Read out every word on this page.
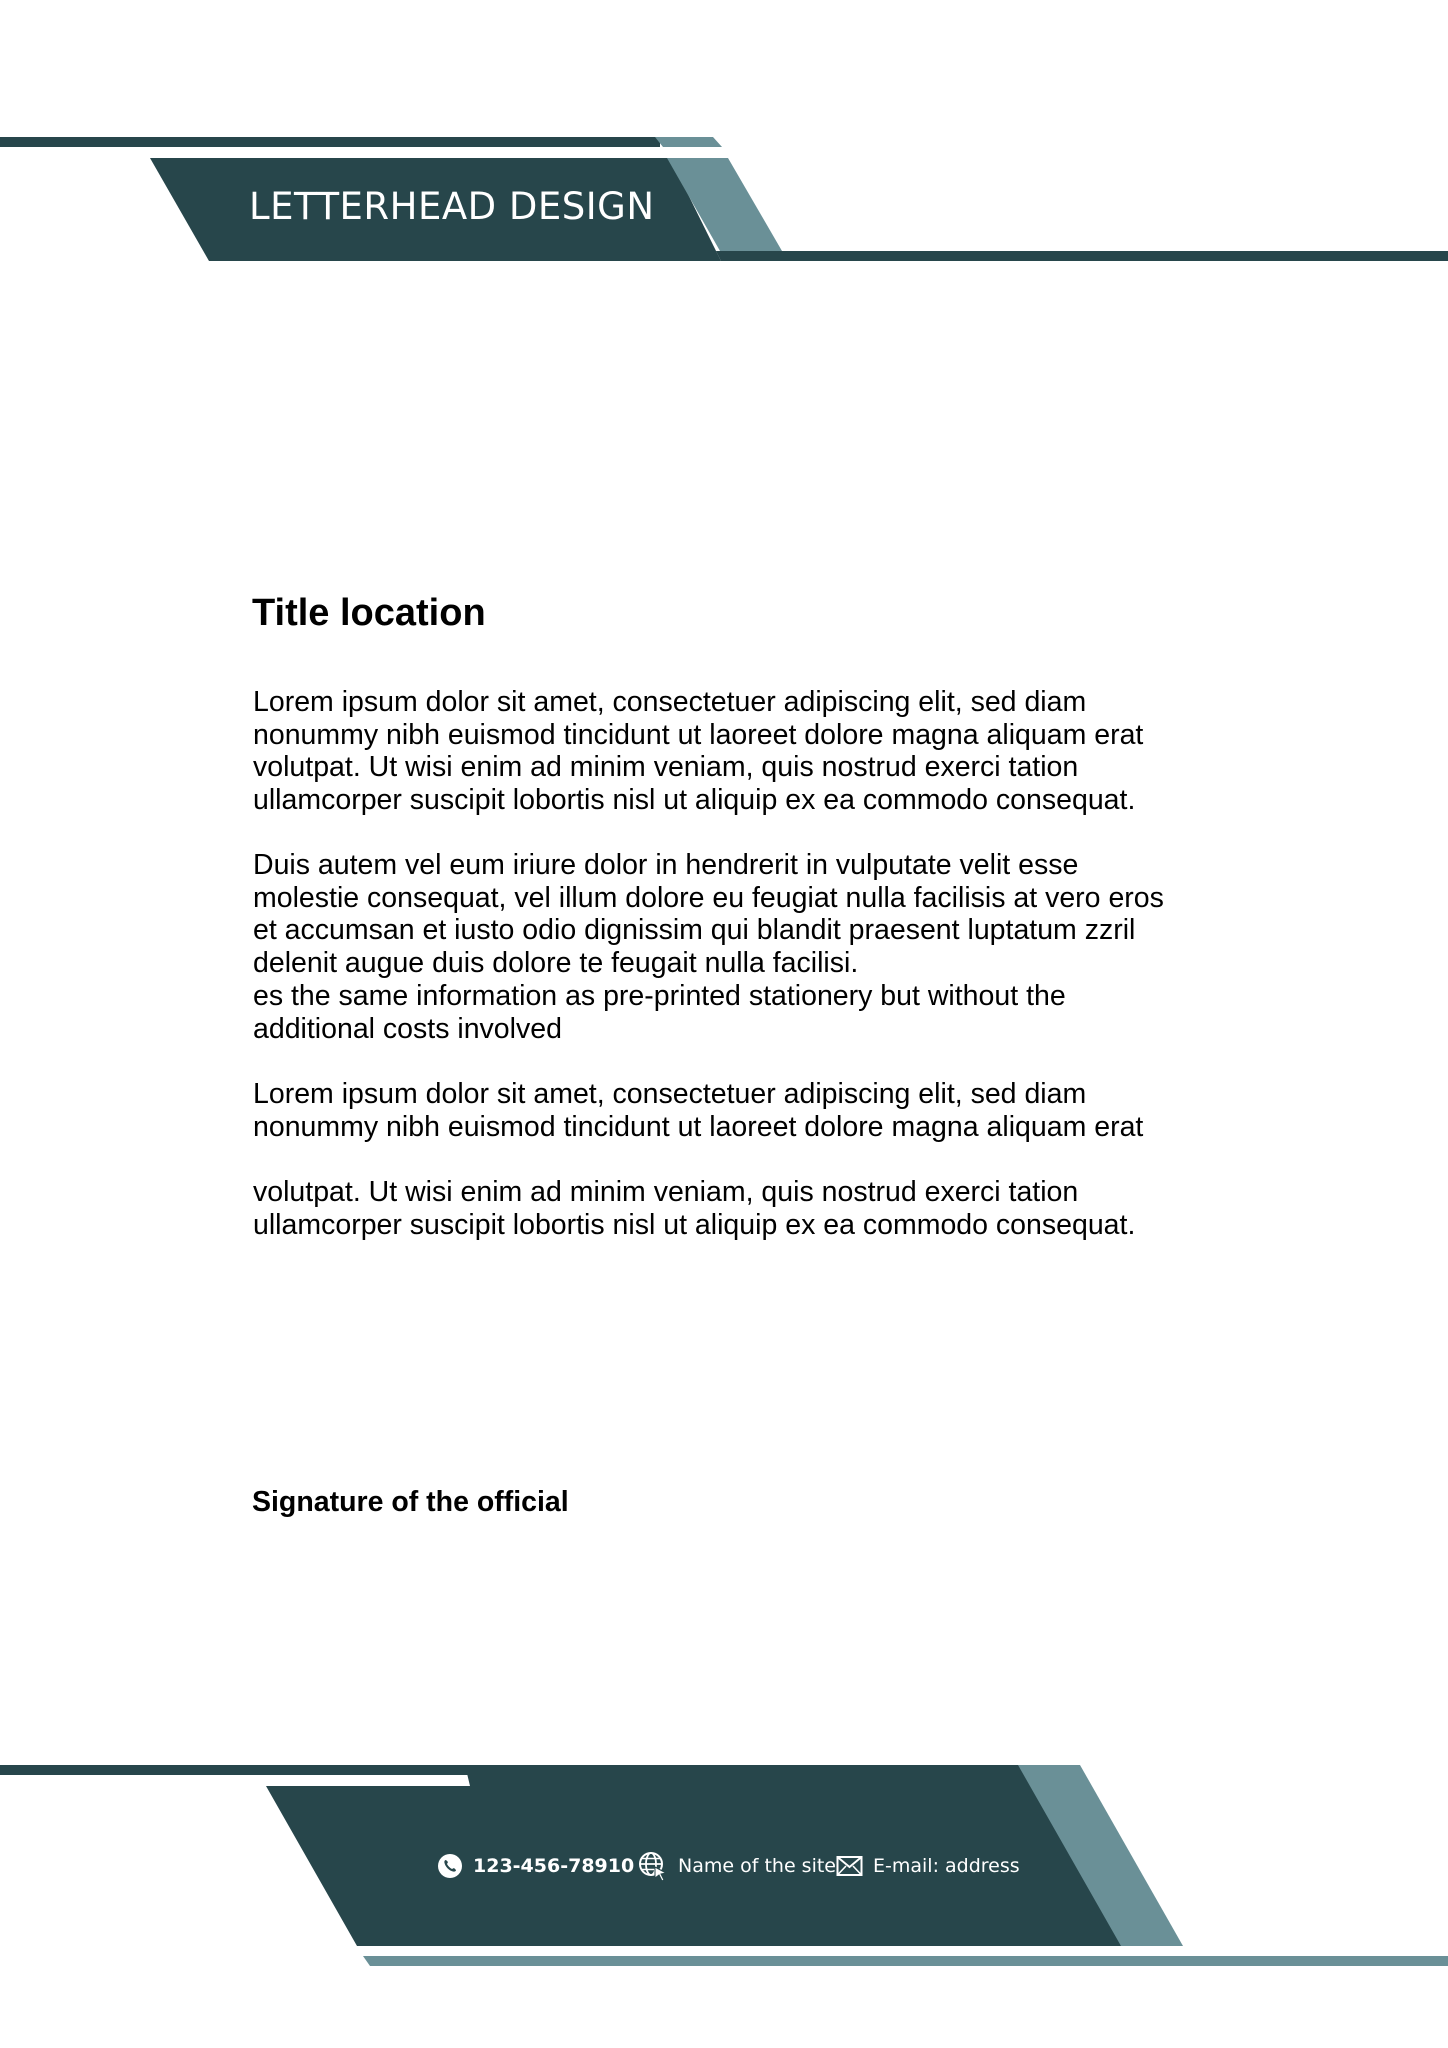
LETTERHEAD DESIGN
Title location

Lorem ipsum dolor sit amet, consectetuer adipiscing elit, sed diam
nonummy nibh euismod tincidunt ut laoreet dolore magna aliquam erat
volutpat. Ut wisi enim ad minim veniam, quis nostrud exerci tation
ullamcorper suscipit lobortis nisl ut aliquip ex ea commodo consequat.

Duis autem vel eum iriure dolor in hendrerit in vulputate velit esse
molestie consequat, vel illum dolore eu feugiat nulla facilisis at vero eros
et accumsan et iusto odio dignissim qui blandit praesent luptatum zzril
delenit augue duis dolore te feugait nulla facilisi.
es the same information as pre-printed stationery but without the
additional costs involved

Lorem ipsum dolor sit amet, consectetuer adipiscing elit, sed diam
nonummy nibh euismod tincidunt ut laoreet dolore magna aliquam erat

volutpat. Ut wisi enim ad minim veniam, quis nostrud exerci tation
ullamcorper suscipit lobortis nisl ut aliquip ex ea commodo consequat.

Signature of the official
123-456-78910 Name of the site E-mail: address
